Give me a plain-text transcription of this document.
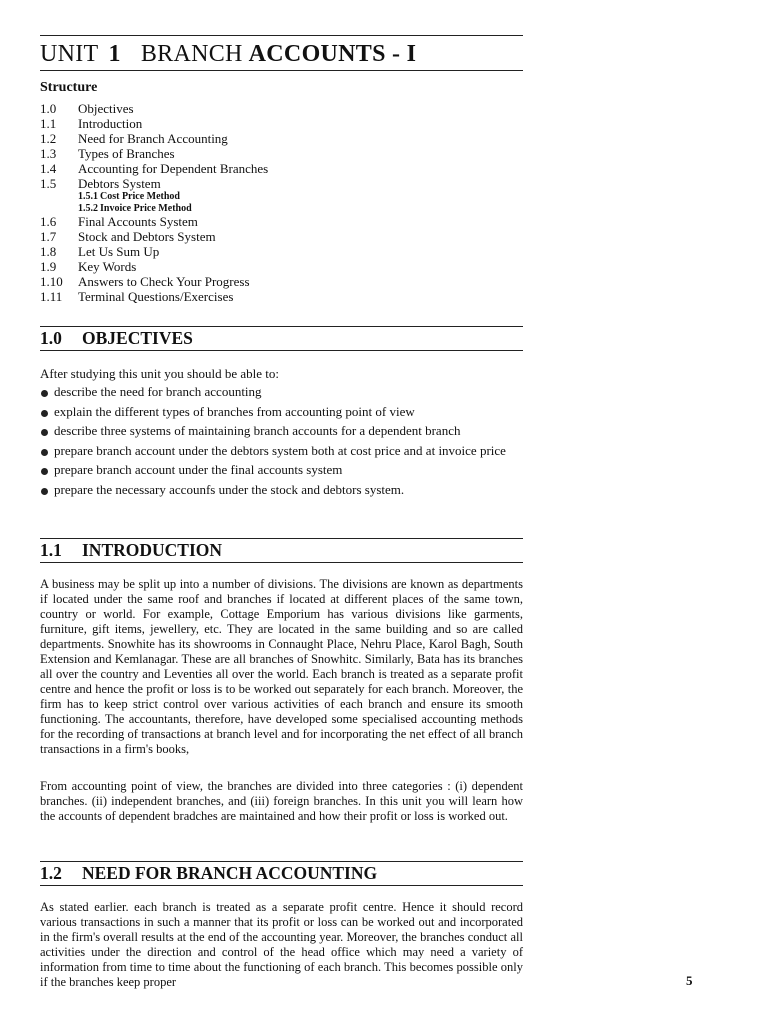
UNIT 1 BRANCH ACCOUNTS - I
Structure
1.0	Objectives
1.1	Introduction
1.2	Need for Branch Accounting
1.3	Types of Branches
1.4	Accounting for Dependent Branches
1.5	Debtors System
1.5.1 Cost Price Method
1.5.2 Invoice Price Method
1.6	Final Accounts System
1.7	Stock and Debtors System
1.8	Let Us Sum Up
1.9	Key Words
1.10	Answers to Check Your Progress
1.11	Terminal Questions/Exercises
1.0 OBJECTIVES
After studying this unit you should be able to:
describe the need for branch accounting
explain the different types of branches from accounting point of view
describe three systems of maintaining branch accounts for a dependent branch
prepare branch account under the debtors system both at cost price and at invoice price
prepare branch account under the final accounts system
prepare the necessary accounfs under the stock and debtors system.
1.1 INTRODUCTION
A business may be split up into a number of divisions. The divisions are known as departments if located under the same roof and branches if located at different places of the same town, country or world. For example, Cottage Emporium has various divisions like garments, furniture, gift items, jewellery, etc. They are located in the same building and so are called departments. Snowhite has its showrooms in Connaught Place, Nehru Place, Karol Bagh, South Extension and Kemlanagar. These are all branches of Snowhitc. Similarly, Bata has its branches all over the country and Leventies all over the world. Each branch is treated as a separate profit centre and hence the profit or loss is to be worked out separately for each branch. Moreover, the firm has to keep strict control over various activities of each branch and ensure its smooth functioning. The accountants, therefore, have developed some specialised accounting methods for the recording of transactions at branch level and for incorporating the net effect of all branch transactions in a firm's books,
From accounting point of view, the branches are divided into three categories : (i) dependent branches. (ii) independent branches, and (iii) foreign branches. In this unit you will learn how the accounts of dependent bradches are maintained and how their profit or loss is worked out.
1.2 NEED FOR BRANCH ACCOUNTING
As stated earlier. each branch is treated as a separate profit centre. Hence it should record various transactions in such a manner that its profit or loss can be worked out and incorporated in the firm's overall results at the end of the accounting year. Moreover, the branches conduct all activities under the direction and control of the head office which may need a variety of information from time to time about the functioning of each branch. This becomes possible only if the branches keep proper	5
